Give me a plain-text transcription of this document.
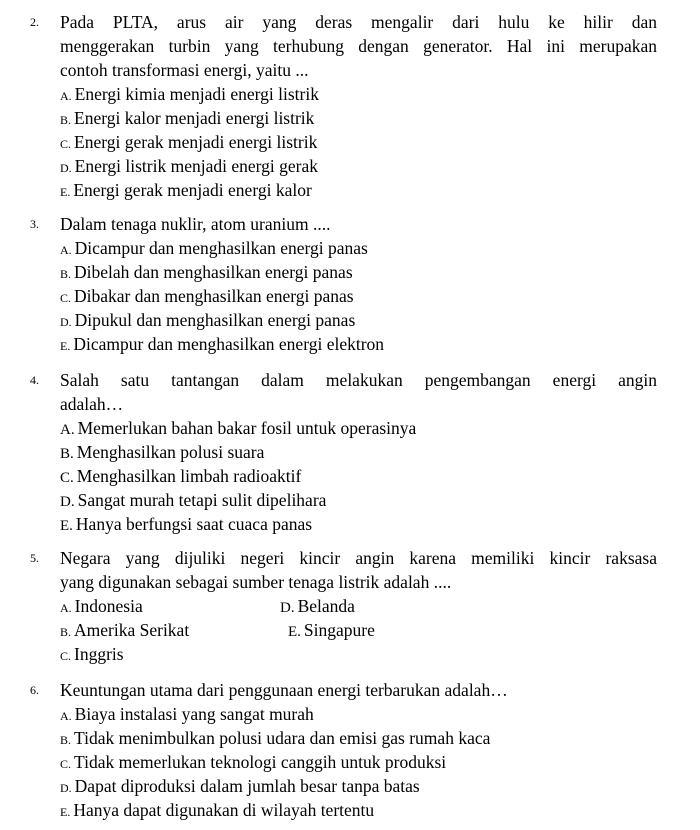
2. Pada PLTA, arus air yang deras mengalir dari hulu ke hilir dan
menggerakan turbin yang terhubung dengan generator. Hal ini merupakan
contoh transformasi energi, yaitu ...
A. Energi kimia menjadi energi listrik
B. Energi kalor menjadi energi listrik
C. Energi gerak menjadi energi listrik
D. Energi listrik menjadi energi gerak
E. Energi gerak menjadi energi kalor
3. Dalam tenaga nuklir, atom uranium ....
A. Dicampur dan menghasilkan energi panas
B. Dibelah dan menghasilkan energi panas
C. Dibakar dan menghasilkan energi panas
D. Dipukul dan menghasilkan energi panas
E. Dicampur dan menghasilkan energi elektron
4. Salah satu tantangan dalam melakukan pengembangan energi angin
adalah…
A. Memerlukan bahan bakar fosil untuk operasinya
B. Menghasilkan polusi suara
C. Menghasilkan limbah radioaktif
D. Sangat murah tetapi sulit dipelihara
E. Hanya berfungsi saat cuaca panas
5. Negara yang dijuliki negeri kincir angin karena memiliki kincir raksasa
yang digunakan sebagai sumber tenaga listrik adalah ....
A. Indonesia
B. Amerika Serikat
C. Inggris
D. Belanda
E. Singapure
6. Keuntungan utama dari penggunaan energi terbarukan adalah…
A. Biaya instalasi yang sangat murah
B. Tidak menimbulkan polusi udara dan emisi gas rumah kaca
C. Tidak memerlukan teknologi canggih untuk produksi
D. Dapat diproduksi dalam jumlah besar tanpa batas
E. Hanya dapat digunakan di wilayah tertentu
